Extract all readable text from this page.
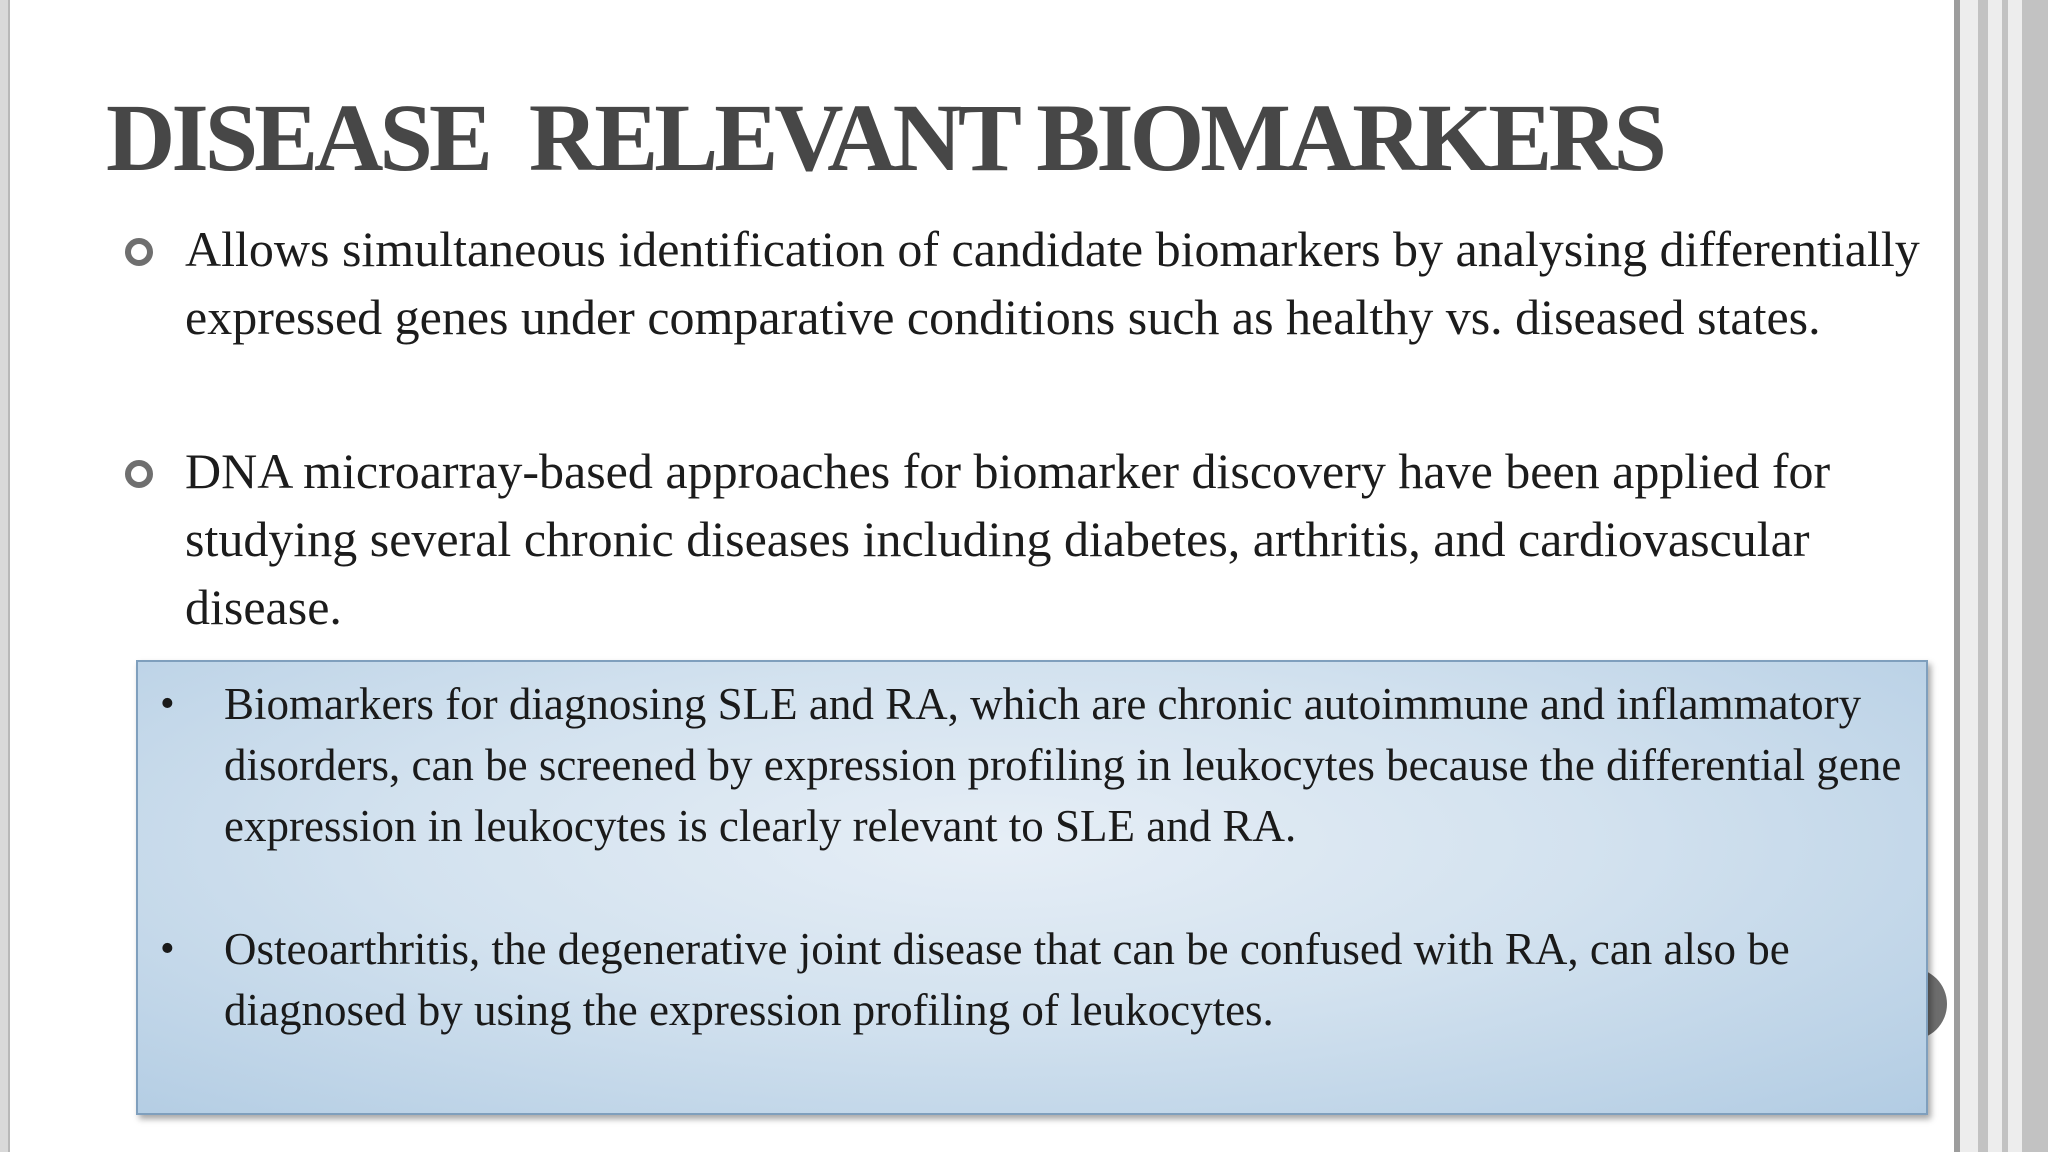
DISEASE  RELEVANT BIOMARKERS
Allows simultaneous identification of candidate biomarkers by analysing differentially expressed genes under comparative conditions such as healthy vs. diseased states.
DNA microarray-based approaches for biomarker discovery have been applied for studying several chronic diseases including diabetes, arthritis, and cardiovascular disease.
• Biomarkers for diagnosing SLE and RA, which are chronic autoimmune and inflammatory disorders, can be screened by expression profiling in leukocytes because the differential gene expression in leukocytes is clearly relevant to SLE and RA.
• Osteoarthritis, the degenerative joint disease that can be confused with RA, can also be diagnosed by using the expression profiling of leukocytes.
